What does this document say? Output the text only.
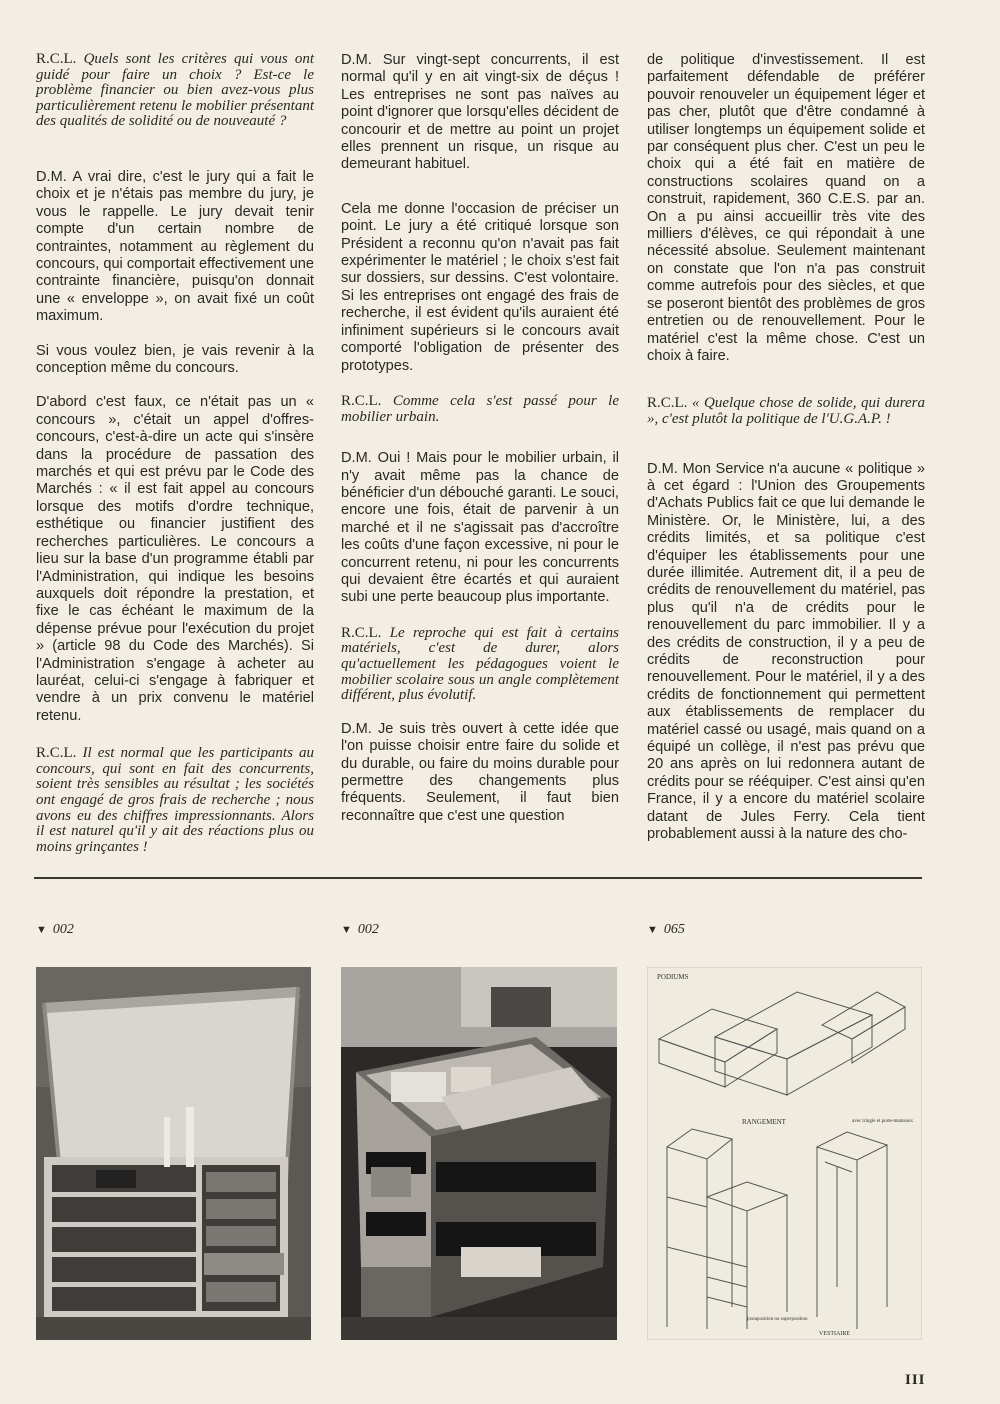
R.C.L. Quels sont les critères qui vous ont guidé pour faire un choix ? Est-ce le problème financier ou bien avez-vous plus particulièrement retenu le mobilier présentant des qualités de solidité ou de nouveauté ?

D.M. A vrai dire, c'est le jury qui a fait le choix et je n'étais pas membre du jury, je vous le rappelle. Le jury devait tenir compte d'un certain nombre de contraintes, notamment au règlement du concours, qui comportait effectivement une contrainte financière, puisqu'on donnait une « enveloppe », on avait fixé un coût maximum.

Si vous voulez bien, je vais revenir à la conception même du concours.

D'abord c'est faux, ce n'était pas un « concours », c'était un appel d'offres-concours, c'est-à-dire un acte qui s'insère dans la procédure de passation des marchés et qui est prévu par le Code des Marchés : « il est fait appel au concours lorsque des motifs d'ordre technique, esthétique ou financier justifient des recherches particulières. Le concours a lieu sur la base d'un programme établi par l'Administration, qui indique les besoins auxquels doit répondre la prestation, et fixe le cas échéant le maximum de la dépense prévue pour l'exécution du projet » (article 98 du Code des Marchés). Si l'Administration s'engage à acheter au lauréat, celui-ci s'engage à fabriquer et vendre à un prix convenu le matériel retenu.

R.C.L. Il est normal que les participants au concours, qui sont en fait des concurrents, soient très sensibles au résultat ; les sociétés ont engagé de gros frais de recherche ; nous avons eu des chiffres impressionnants. Alors il est naturel qu'il y ait des réactions plus ou moins grinçantes !

D.M. Sur vingt-sept concurrents, il est normal qu'il y en ait vingt-six de déçus ! Les entreprises ne sont pas naïves au point d'ignorer que lorsqu'elles décident de concourir et de mettre au point un projet elles prennent un risque, un risque au demeurant habituel.

Cela me donne l'occasion de préciser un point. Le jury a été critiqué lorsque son Président a reconnu qu'on n'avait pas fait expérimenter le matériel ; le choix s'est fait sur dossiers, sur dessins. C'est volontaire. Si les entreprises ont engagé des frais de recherche, il est évident qu'ils auraient été infiniment supérieurs si le concours avait comporté l'obligation de présenter des prototypes.

R.C.L. Comme cela s'est passé pour le mobilier urbain.

D.M. Oui ! Mais pour le mobilier urbain, il n'y avait même pas la chance de bénéficier d'un débouché garanti. Le souci, encore une fois, était de parvenir à un marché et il ne s'agissait pas d'accroître les coûts d'une façon excessive, ni pour le concurrent retenu, ni pour les concurrents qui devaient être écartés et qui auraient subi une perte beaucoup plus importante.

R.C.L. Le reproche qui est fait à certains matériels, c'est de durer, alors qu'actuellement les pédagogues voient le mobilier scolaire sous un angle complètement différent, plus évolutif.

D.M. Je suis très ouvert à cette idée que l'on puisse choisir entre faire du solide et du durable, ou faire du moins durable pour permettre des changements plus fréquents. Seulement, il faut bien reconnaître que c'est une question

de politique d'investissement. Il est parfaitement défendable de préférer pouvoir renouveler un équipement léger et pas cher, plutôt que d'être condamné à utiliser longtemps un équipement solide et par conséquent plus cher. C'est un peu le choix qui a été fait en matière de constructions scolaires quand on a construit, rapidement, 360 C.E.S. par an. On a pu ainsi accueillir très vite des milliers d'élèves, ce qui répondait à une nécessité absolue. Seulement maintenant on constate que l'on n'a pas construit comme autrefois pour des siècles, et que se poseront bientôt des problèmes de gros entretien ou de renouvellement. Pour le matériel c'est la même chose. C'est un choix à faire.

R.C.L. « Quelque chose de solide, qui durera », c'est plutôt la politique de l'U.G.A.P. !

D.M. Mon Service n'a aucune « politique » à cet égard : l'Union des Groupements d'Achats Publics fait ce que lui demande le Ministère. Or, le Ministère, lui, a des crédits limités, et sa politique c'est d'équiper les établissements pour une durée illimitée. Autrement dit, il a peu de crédits de renouvellement du matériel, pas plus qu'il n'a de crédits pour le renouvellement du parc immobilier. Il y a des crédits de construction, il y a peu de crédits de reconstruction pour renouvellement. Pour le matériel, il y a des crédits de fonctionnement qui permettent aux établissements de remplacer du matériel cassé ou usagé, mais quand on a équipé un collège, il n'est pas prévu que 20 ans après on lui redonnera autant de crédits pour se rééquiper. C'est ainsi qu'en France, il y a encore du matériel scolaire datant de Jules Ferry. Cela tient probablement aussi à la nature des cho-

▼ 002	▼ 002	▼ 065
PODIUMS
RANGEMENT	avec tringle et porte-manteaux
juxtaposition ou superposition
VESTIAIRE
III
